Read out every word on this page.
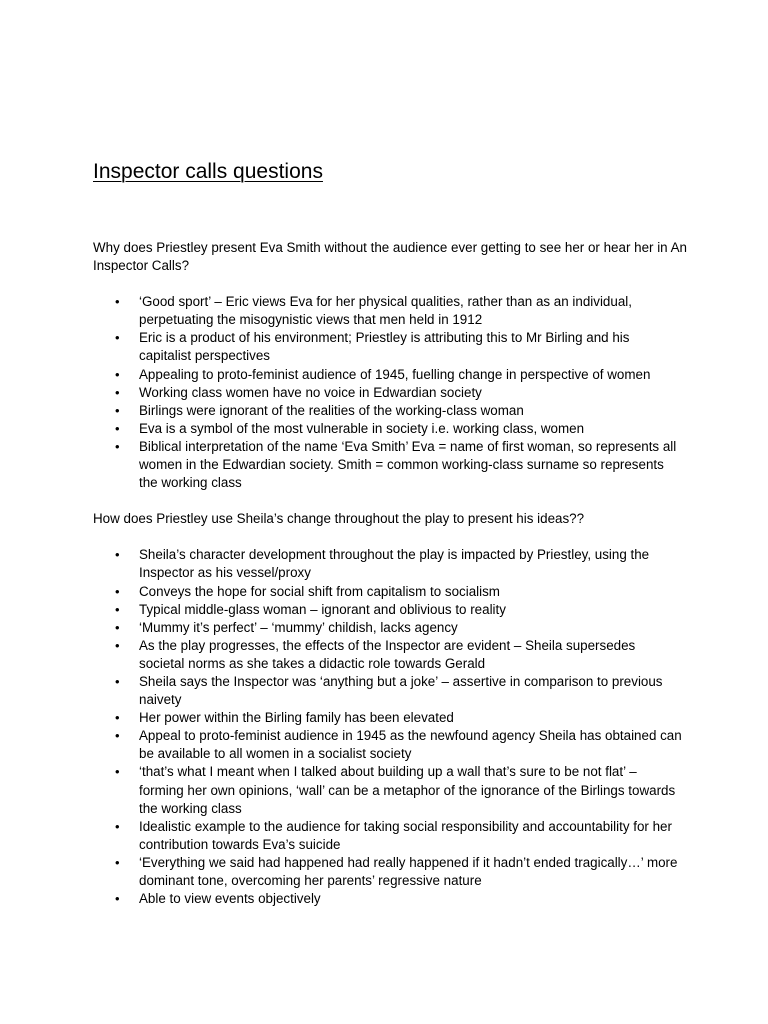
Inspector calls questions

Why does Priestley present Eva Smith without the audience ever getting to see her or hear her in An Inspector Calls?

• ‘Good sport’ – Eric views Eva for her physical qualities, rather than as an individual, perpetuating the misogynistic views that men held in 1912
• Eric is a product of his environment; Priestley is attributing this to Mr Birling and his capitalist perspectives
• Appealing to proto-feminist audience of 1945, fuelling change in perspective of women
• Working class women have no voice in Edwardian society
• Birlings were ignorant of the realities of the working-class woman
• Eva is a symbol of the most vulnerable in society i.e. working class, women
• Biblical interpretation of the name ‘Eva Smith’ Eva = name of first woman, so represents all women in the Edwardian society. Smith = common working-class surname so represents the working class

How does Priestley use Sheila’s change throughout the play to present his ideas??

• Sheila’s character development throughout the play is impacted by Priestley, using the Inspector as his vessel/proxy
• Conveys the hope for social shift from capitalism to socialism
• Typical middle-glass woman – ignorant and oblivious to reality
• ‘Mummy it’s perfect’ – ‘mummy’ childish, lacks agency
• As the play progresses, the effects of the Inspector are evident – Sheila supersedes societal norms as she takes a didactic role towards Gerald
• Sheila says the Inspector was ‘anything but a joke’ – assertive in comparison to previous naivety
• Her power within the Birling family has been elevated
• Appeal to proto-feminist audience in 1945 as the newfound agency Sheila has obtained can be available to all women in a socialist society
• ‘that’s what I meant when I talked about building up a wall that’s sure to be not flat’ – forming her own opinions, ‘wall’ can be a metaphor of the ignorance of the Birlings towards the working class
• Idealistic example to the audience for taking social responsibility and accountability for her contribution towards Eva’s suicide
• ‘Everything we said had happened had really happened if it hadn’t ended tragically…’ more dominant tone, overcoming her parents’ regressive nature
• Able to view events objectively
